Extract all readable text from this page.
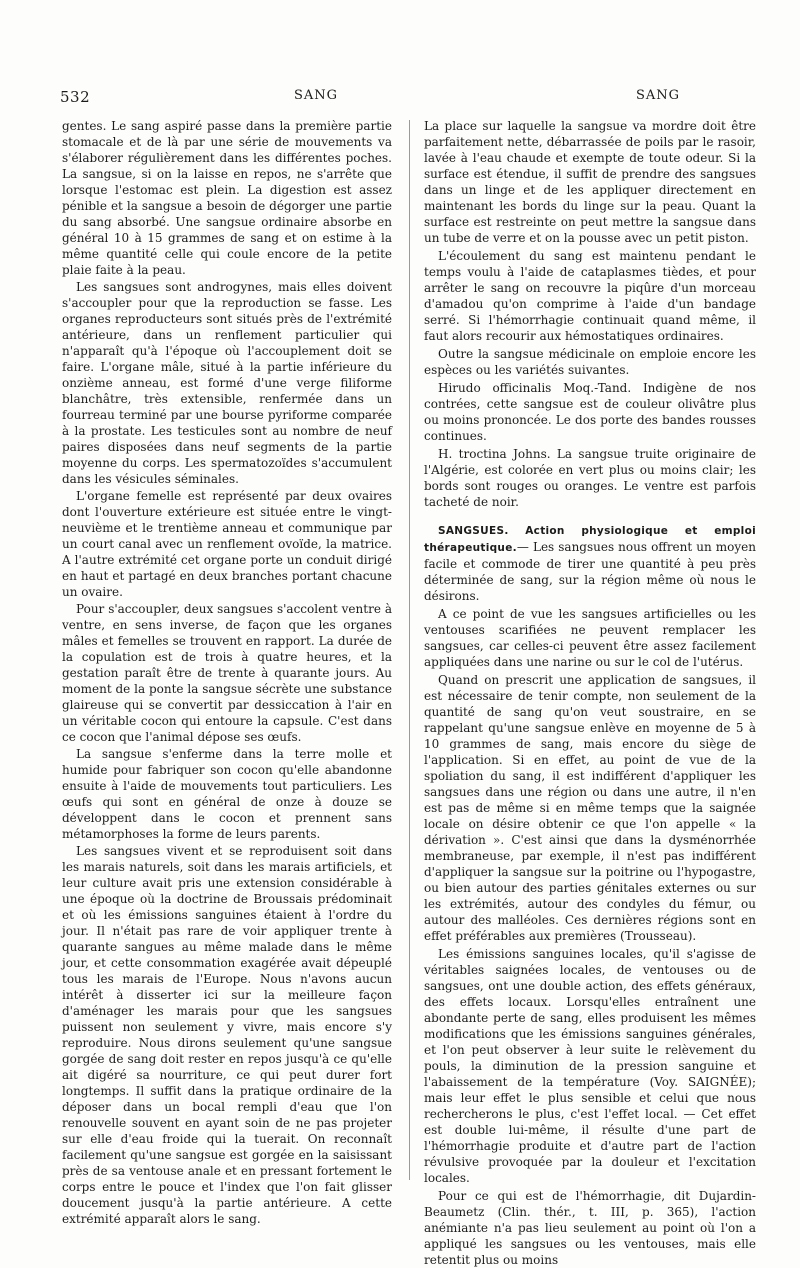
532	SANG	SANG

gentes. Le sang aspiré passe dans la première partie stomacale et de là par une série de mouvements va s'élaborer régulièrement dans les différentes poches. La sangsue, si on la laisse en repos, ne s'arrête que lorsque l'estomac est plein. La digestion est assez pénible et la sangsue a besoin de dégorger une partie du sang absorbé. Une sangsue ordinaire absorbe en général 10 à 15 grammes de sang et on estime à la même quantité celle qui coule encore de la petite plaie faite à la peau.

Les sangsues sont androgynes, mais elles doivent s'accoupler pour que la reproduction se fasse. Les organes reproducteurs sont situés près de l'extrémité antérieure, dans un renflement particulier qui n'apparaît qu'à l'époque où l'accouplement doit se faire. L'organe mâle, situé à la partie inférieure du onzième anneau, est formé d'une verge filiforme blanchâtre, très extensible, renfermée dans un fourreau terminé par une bourse pyriforme comparée à la prostate. Les testicules sont au nombre de neuf paires disposées dans neuf segments de la partie moyenne du corps. Les spermatozoïdes s'accumulent dans les vésicules séminales.

L'organe femelle est représenté par deux ovaires dont l'ouverture extérieure est située entre le vingt-neuvième et le trentième anneau et communique par un court canal avec un renflement ovoïde, la matrice. A l'autre extrémité cet organe porte un conduit dirigé en haut et partagé en deux branches portant chacune un ovaire.

Pour s'accoupler, deux sangsues s'accolent ventre à ventre, en sens inverse, de façon que les organes mâles et femelles se trouvent en rapport. La durée de la copulation est de trois à quatre heures, et la gestation paraît être de trente à quarante jours. Au moment de la ponte la sangsue sécrète une substance glaireuse qui se convertit par dessiccation à l'air en un véritable cocon qui entoure la capsule. C'est dans ce cocon que l'animal dépose ses œufs.

La sangsue s'enferme dans la terre molle et humide pour fabriquer son cocon qu'elle abandonne ensuite à l'aide de mouvements tout particuliers. Les œufs qui sont en général de onze à douze se développent dans le cocon et prennent sans métamorphoses la forme de leurs parents.

Les sangsues vivent et se reproduisent soit dans les marais naturels, soit dans les marais artificiels, et leur culture avait pris une extension considérable à une époque où la doctrine de Broussais prédominait et où les émissions sanguines étaient à l'ordre du jour. Il n'était pas rare de voir appliquer trente à quarante sangues au même malade dans le même jour, et cette consommation exagérée avait dépeuplé tous les marais de l'Europe. Nous n'avons aucun intérêt à disserter ici sur la meilleure façon d'aménager les marais pour que les sangsues puissent non seulement y vivre, mais encore s'y reproduire. Nous dirons seulement qu'une sangsue gorgée de sang doit rester en repos jusqu'à ce qu'elle ait digéré sa nourriture, ce qui peut durer fort longtemps. Il suffit dans la pratique ordinaire de la déposer dans un bocal rempli d'eau que l'on renouvelle souvent en ayant soin de ne pas projeter sur elle d'eau froide qui la tuerait. On reconnaît facilement qu'une sangsue est gorgée en la saisissant près de sa ventouse anale et en pressant fortement le corps entre le pouce et l'index que l'on fait glisser doucement jusqu'à la partie antérieure. A cette extrémité apparaît alors le sang.

La place sur laquelle la sangsue va mordre doit être parfaitement nette, débarrassée de poils par le rasoir, lavée à l'eau chaude et exempte de toute odeur. Si la surface est étendue, il suffit de prendre des sangsues dans un linge et de les appliquer directement en maintenant les bords du linge sur la peau. Quant la surface est restreinte on peut mettre la sangsue dans un tube de verre et on la pousse avec un petit piston.

L'écoulement du sang est maintenu pendant le temps voulu à l'aide de cataplasmes tièdes, et pour arrêter le sang on recouvre la piqûre d'un morceau d'amadou qu'on comprime à l'aide d'un bandage serré. Si l'hémorrhagie continuait quand même, il faut alors recourir aux hémostatiques ordinaires.

Outre la sangsue médicinale on emploie encore les espèces ou les variétés suivantes.

Hirudo officinalis Moq.-Tand. Indigène de nos contrées, cette sangsue est de couleur olivâtre plus ou moins prononcée. Le dos porte des bandes rousses continues.

H. troctina Johns. La sangsue truite originaire de l'Algérie, est colorée en vert plus ou moins clair; les bords sont rouges ou oranges. Le ventre est parfois tacheté de noir.

SANGSUES. Action physiologique et emploi thérapeutique.— Les sangsues nous offrent un moyen facile et commode de tirer une quantité à peu près déterminée de sang, sur la région même où nous le désirons.

A ce point de vue les sangsues artificielles ou les ventouses scarifiées ne peuvent remplacer les sangsues, car celles-ci peuvent être assez facilement appliquées dans une narine ou sur le col de l'utérus.

Quand on prescrit une application de sangsues, il est nécessaire de tenir compte, non seulement de la quantité de sang qu'on veut soustraire, en se rappelant qu'une sangsue enlève en moyenne de 5 à 10 grammes de sang, mais encore du siège de l'application. Si en effet, au point de vue de la spoliation du sang, il est indifférent d'appliquer les sangsues dans une région ou dans une autre, il n'en est pas de même si en même temps que la saignée locale on désire obtenir ce que l'on appelle « la dérivation ». C'est ainsi que dans la dysménorrhée membraneuse, par exemple, il n'est pas indifférent d'appliquer la sangsue sur la poitrine ou l'hypogastre, ou bien autour des parties génitales externes ou sur les extrémités, autour des condyles du fémur, ou autour des malléoles. Ces dernières régions sont en effet préférables aux premières (Trousseau).

Les émissions sanguines locales, qu'il s'agisse de véritables saignées locales, de ventouses ou de sangsues, ont une double action, des effets généraux, des effets locaux. Lorsqu'elles entraînent une abondante perte de sang, elles produisent les mêmes modifications que les émissions sanguines générales, et l'on peut observer à leur suite le relèvement du pouls, la diminution de la pression sanguine et l'abaissement de la température (Voy. SAIGNÉE); mais leur effet le plus sensible et celui que nous rechercherons le plus, c'est l'effet local. — Cet effet est double lui-même, il résulte d'une part de l'hémorrhagie produite et d'autre part de l'action révulsive provoquée par la douleur et l'excitation locales.

Pour ce qui est de l'hémorrhagie, dit Dujardin-Beaumetz (Clin. thér., t. III, p. 365), l'action anémiante n'a pas lieu seulement au point où l'on a appliqué les sangsues ou les ventouses, mais elle retentit plus ou moins
